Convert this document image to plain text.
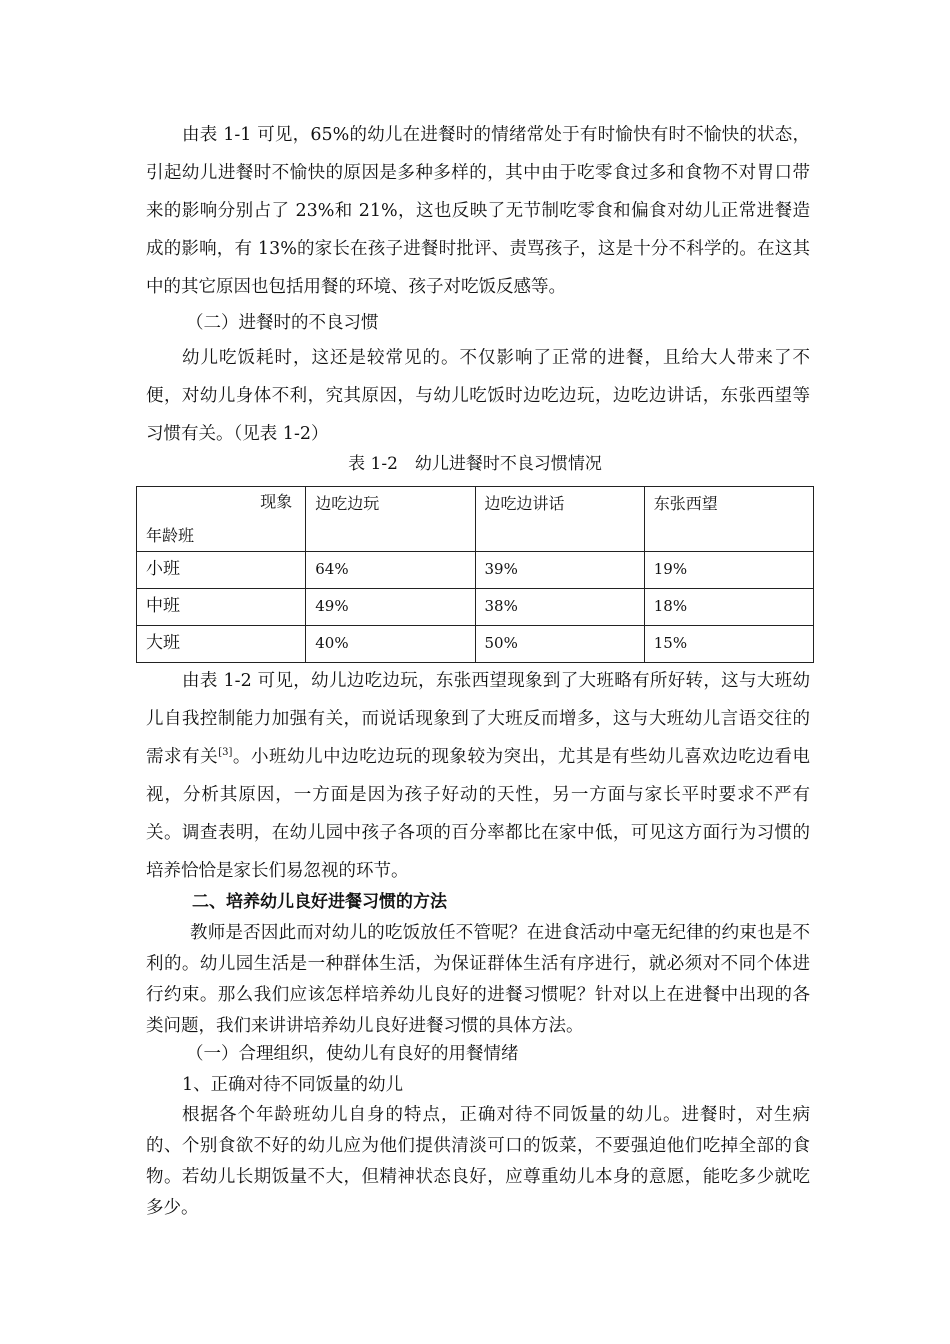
由表 1-1 可见，65%的幼儿在进餐时的情绪常处于有时愉快有时不愉快的状态，引起幼儿进餐时不愉快的原因是多种多样的，其中由于吃零食过多和食物不对胃口带来的影响分别占了 23%和 21%，这也反映了无节制吃零食和偏食对幼儿正常进餐造成的影响，有 13%的家长在孩子进餐时批评、责骂孩子，这是十分不科学的。在这其中的其它原因也包括用餐的环境、孩子对吃饭反感等。

（二）进餐时的不良习惯

幼儿吃饭耗时，这还是较常见的。不仅影响了正常的进餐，且给大人带来了不便，对幼儿身体不利，究其原因，与幼儿吃饭时边吃边玩，边吃边讲话，东张西望等习惯有关。（见表 1-2）

表 1-2　幼儿进餐时不良习惯情况

现象
年龄班	边吃边玩	边吃边讲话	东张西望
小班	64%	39%	19%
中班	49%	38%	18%
大班	40%	50%	15%

由表 1-2 可见，幼儿边吃边玩，东张西望现象到了大班略有所好转，这与大班幼儿自我控制能力加强有关，而说话现象到了大班反而增多，这与大班幼儿言语交往的需求有关[3]。小班幼儿中边吃边玩的现象较为突出，尤其是有些幼儿喜欢边吃边看电视，分析其原因，一方面是因为孩子好动的天性，另一方面与家长平时要求不严有关。调查表明，在幼儿园中孩子各项的百分率都比在家中低，可见这方面行为习惯的培养恰恰是家长们易忽视的环节。

二、培养幼儿良好进餐习惯的方法

教师是否因此而对幼儿的吃饭放任不管呢？在进食活动中毫无纪律的约束也是不利的。幼儿园生活是一种群体生活，为保证群体生活有序进行，就必须对不同个体进行约束。那么我们应该怎样培养幼儿良好的进餐习惯呢？针对以上在进餐中出现的各类问题，我们来讲讲培养幼儿良好进餐习惯的具体方法。

（一）合理组织，使幼儿有良好的用餐情绪

1、正确对待不同饭量的幼儿

根据各个年龄班幼儿自身的特点，正确对待不同饭量的幼儿。进餐时，对生病的、个别食欲不好的幼儿应为他们提供清淡可口的饭菜，不要强迫他们吃掉全部的食物。若幼儿长期饭量不大，但精神状态良好，应尊重幼儿本身的意愿，能吃多少就吃多少。
